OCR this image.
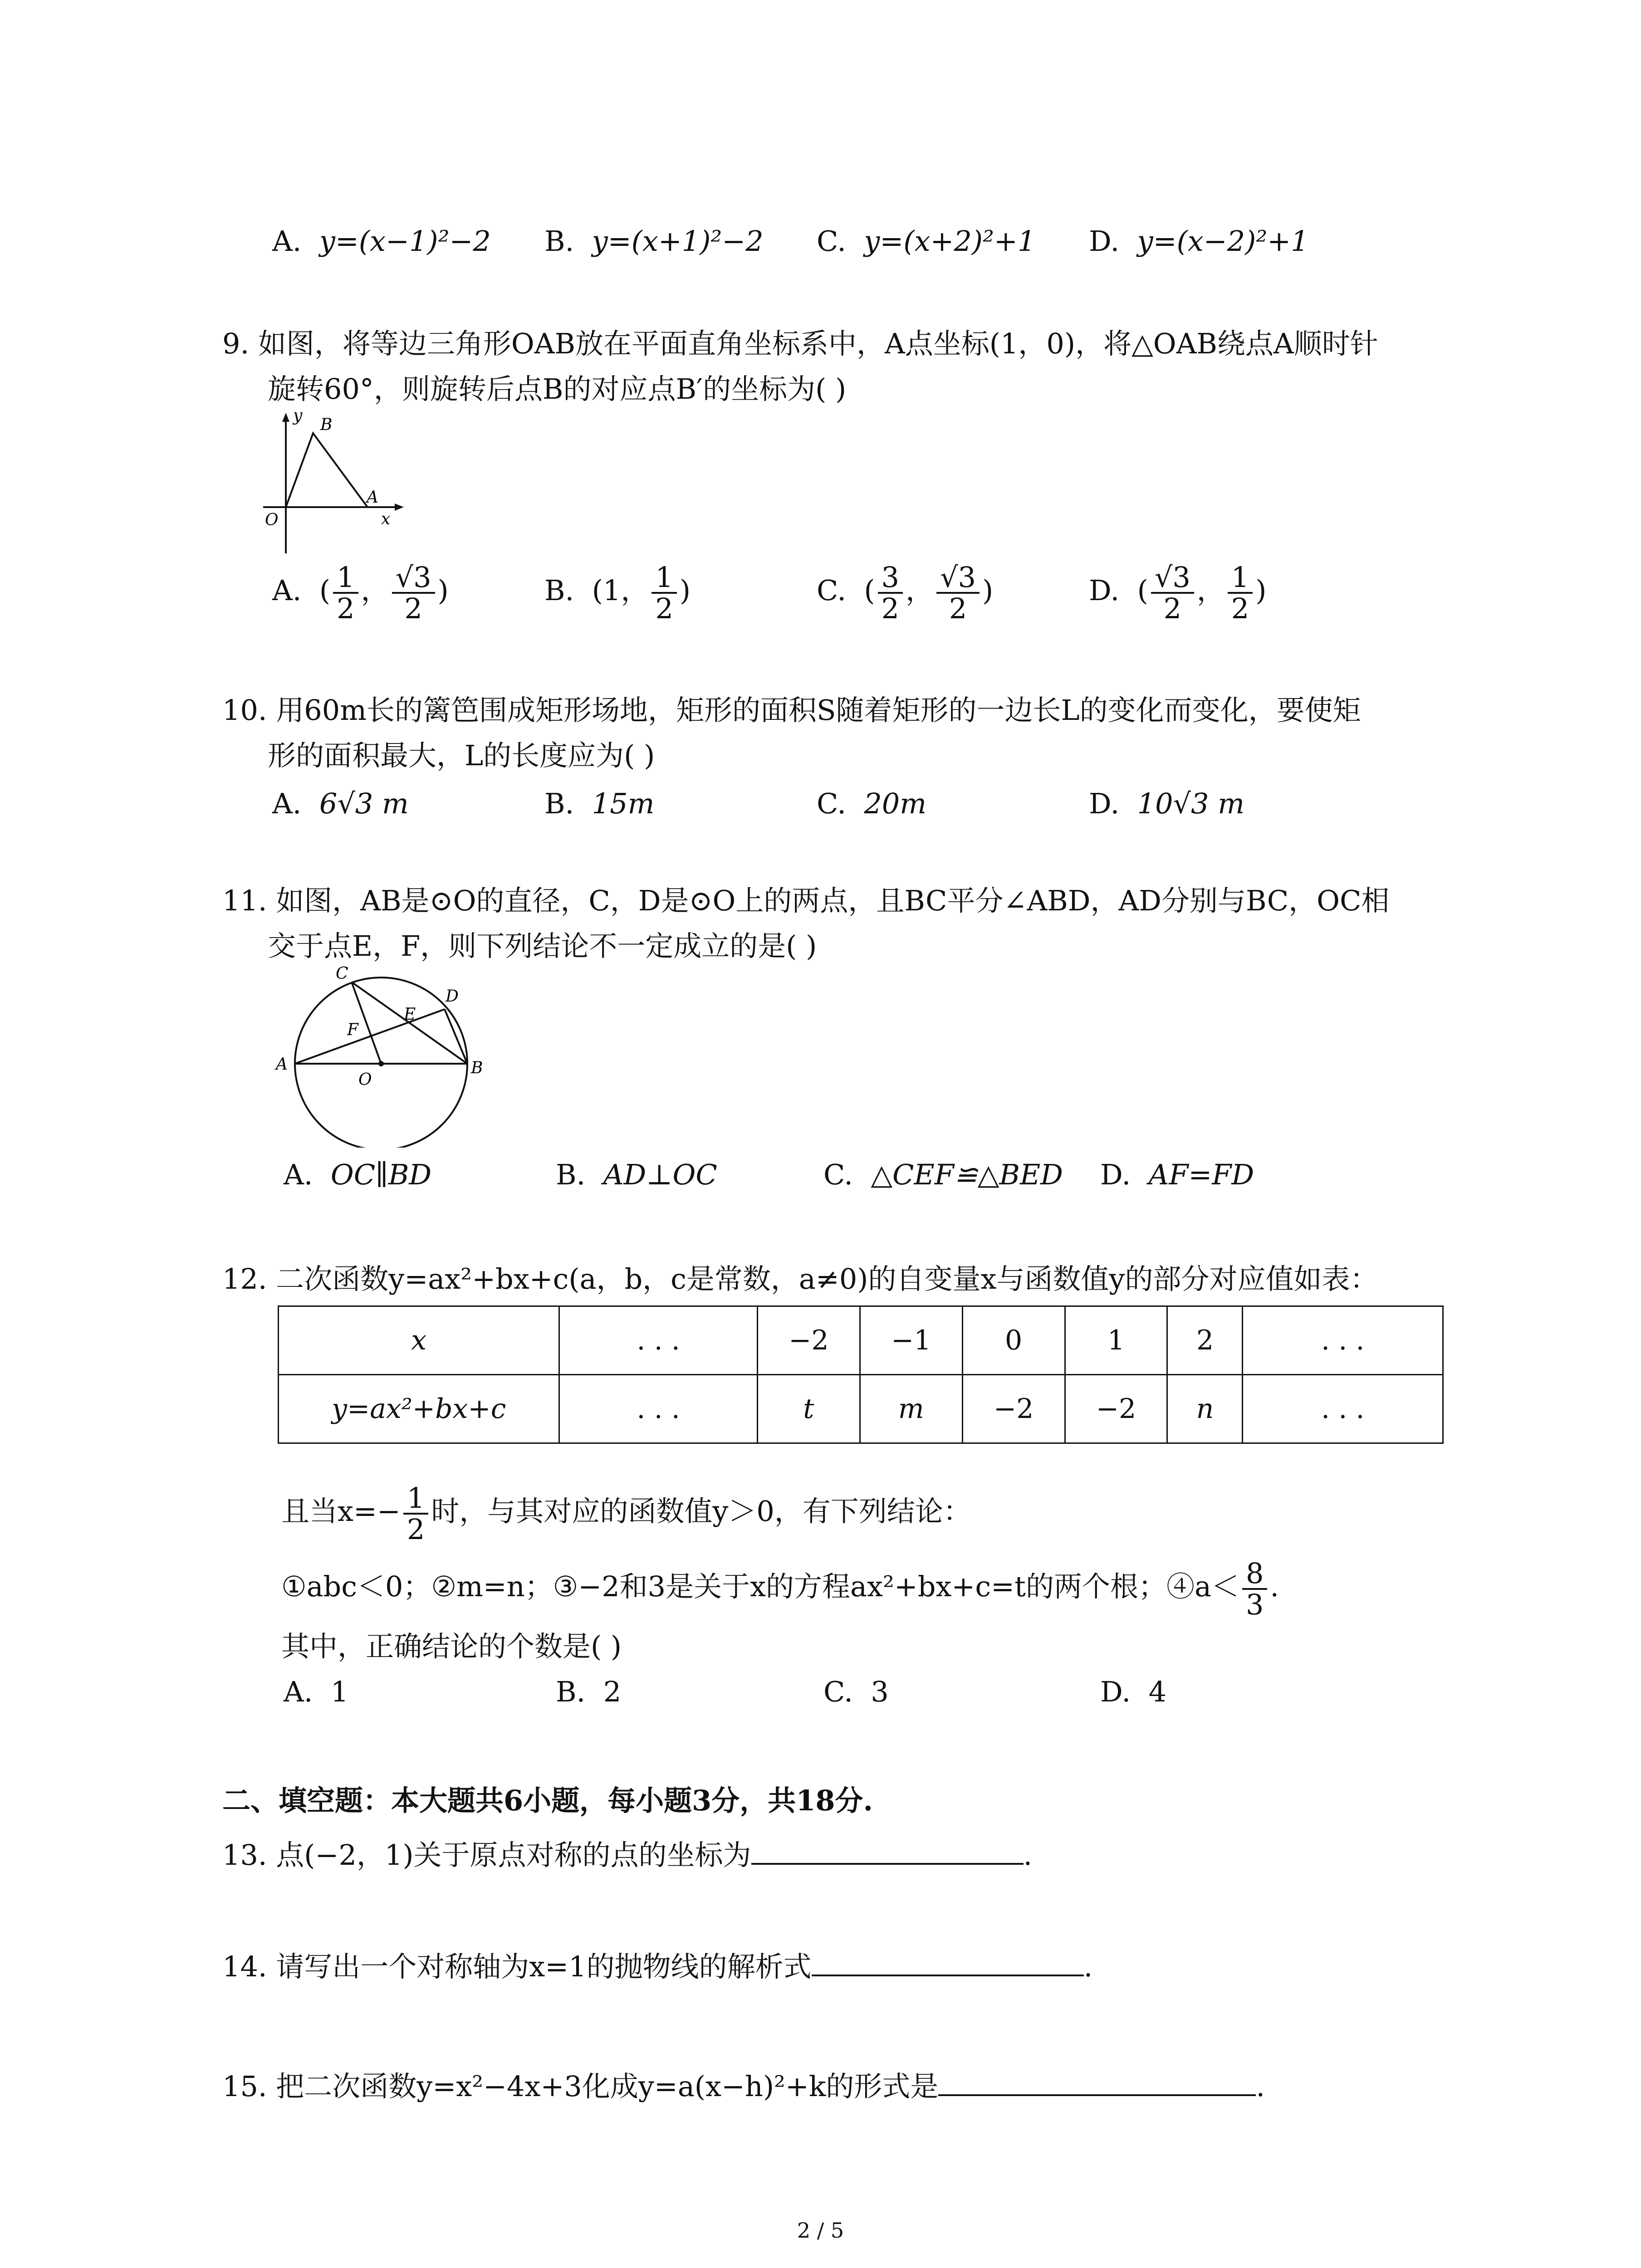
A. y=(x−1)²−2 B. y=(x+1)²−2 C. y=(x+2)²+1 D. y=(x−2)²+1
9. 如图，将等边三角形OAB放在平面直角坐标系中，A点坐标(1，0)，将△OAB绕点A顺时针
旋转60°，则旋转后点B的对应点B′的坐标为( )
y B
A
O	x
A.  ( $\frac{1}{2}$ ， $\frac{√3}{2}$ )	B.  (1， $\frac{1}{2}$ )	C.  ( $\frac{3}{2}$ ， $\frac{√3}{2}$ )	D.  ( $\frac{√3}{2}$ ， $\frac{1}{2}$ )
10. 用60m长的篱笆围成矩形场地，矩形的面积S随着矩形的一边长L的变化而变化，要使矩
形的面积最大，L的长度应为( )
A. 6√3 m	B. 15m	C. 20m	D. 10√3 m
11. 如图，AB是⊙O的直径，C，D是⊙O上的两点，且BC平分∠ABD，AD分别与BC，OC相
交于点E，F，则下列结论不一定成立的是( )
C
D
E
F
A
O
B
A. OC∥BD	B. AD⊥OC	C. △CEF≌△BED D. AF=FD
12. 二次函数y=ax²+bx+c(a，b，c是常数，a≠0)的自变量x与函数值y的部分对应值如表：
x	. . .	−2	−1	0	1	2	. . .
y=ax²+bx+c	. . .	t	m	−2	−2	n	. . .
且当$x=- \frac{1}{2}$ 时，与其对应的函数值y＞0，有下列结论：
①abc＜0；②m=n；③−2和3是关于x的方程ax²+bx+c=t的两个根；④a＜ $\frac{8}{3}$ .
其中，正确结论的个数是( )
A. 1	B. 2	C. 3	D. 4
二、填空题：本大题共6小题，每小题3分，共18分.
13. 点(−2，1)关于原点对称的点的坐标为	.
14. 请写出一个对称轴为x=1的抛物线的解析式	.
15. 把二次函数y=x²−4x+3化成y=a(x−h)²+k的形式是	.
2 / 5
